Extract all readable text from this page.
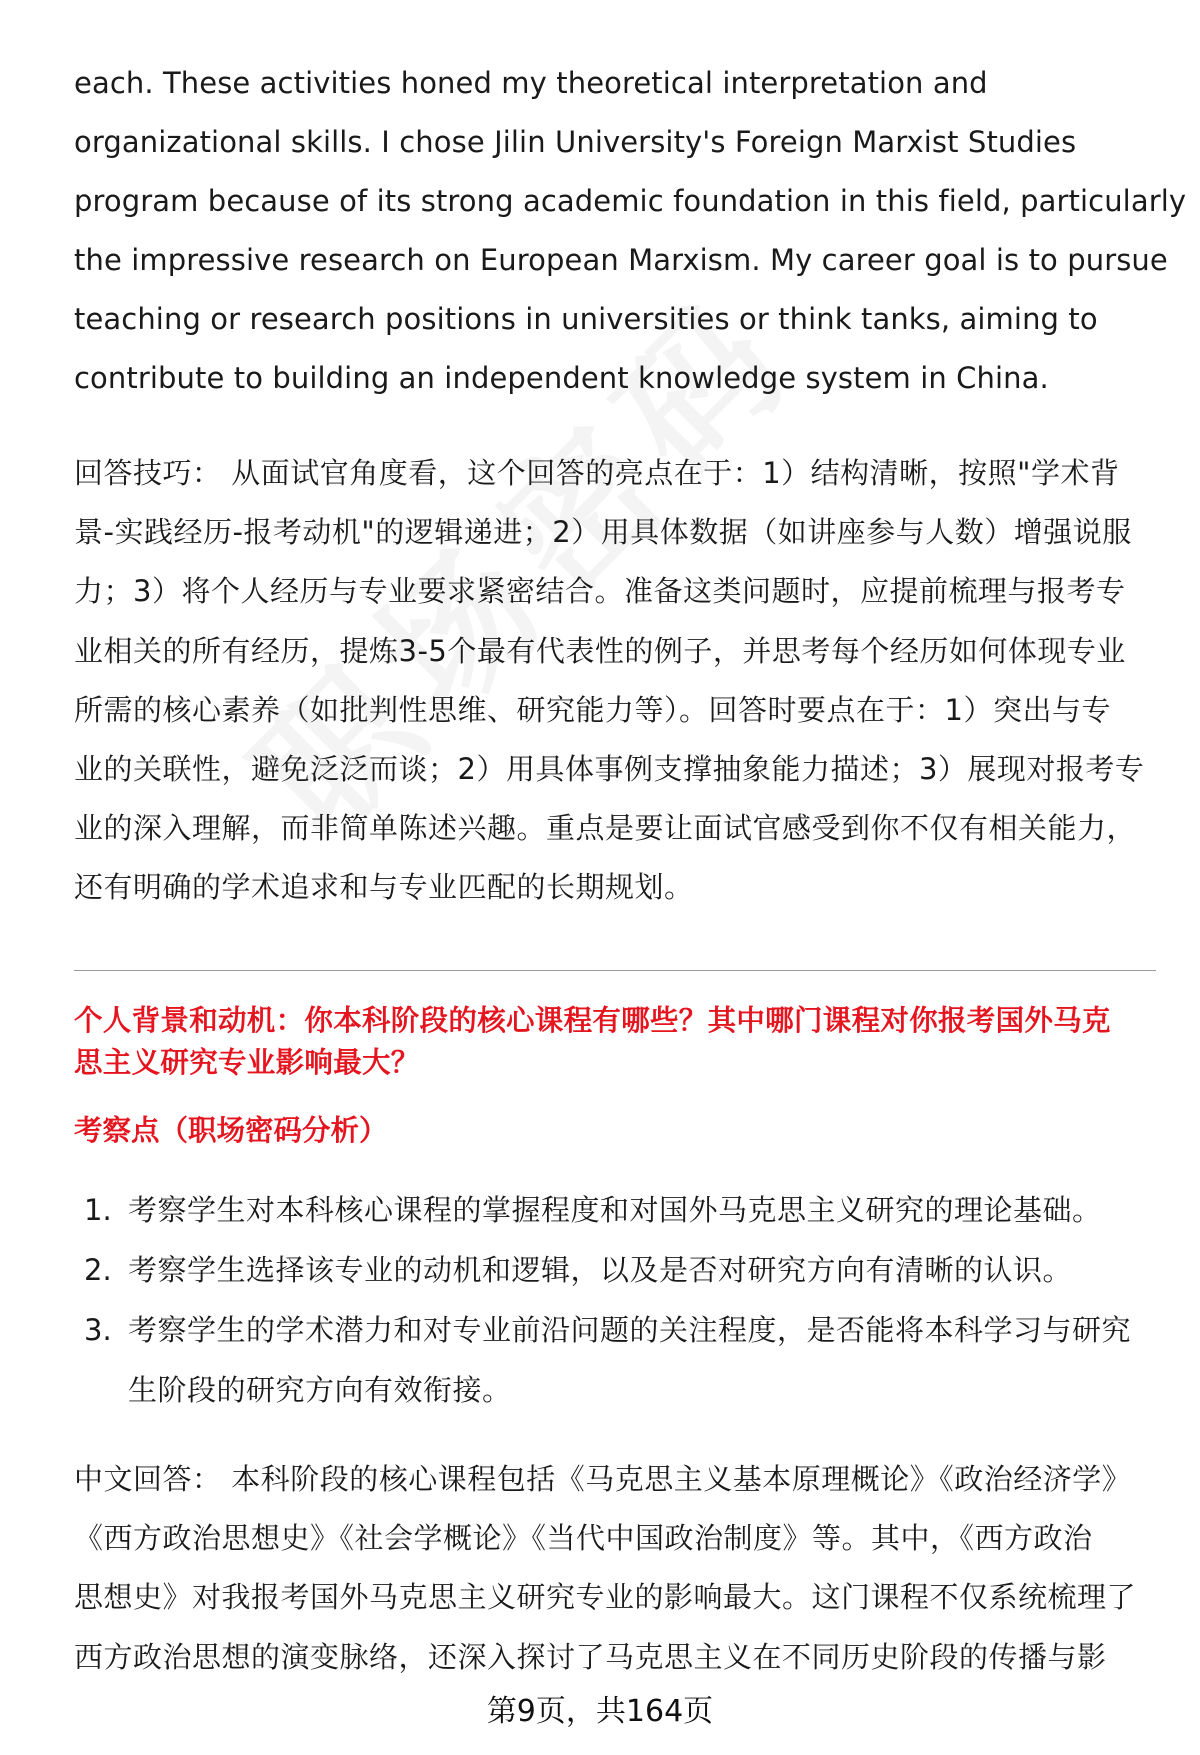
each. These activities honed my theoretical interpretation and
organizational skills. I chose Jilin University's Foreign Marxist Studies
program because of its strong academic foundation in this field, particularly
the impressive research on European Marxism. My career goal is to pursue
teaching or research positions in universities or think tanks, aiming to
contribute to building an independent knowledge system in China.

回答技巧： 从面试官角度看，这个回答的亮点在于：1）结构清晰，按照"学术背
景-实践经历-报考动机"的逻辑递进；2）用具体数据（如讲座参与人数）增强说服
力；3）将个人经历与专业要求紧密结合。准备这类问题时，应提前梳理与报考专
业相关的所有经历，提炼3-5个最有代表性的例子，并思考每个经历如何体现专业
所需的核心素养（如批判性思维、研究能力等）。回答时要点在于：1）突出与专
业的关联性，避免泛泛而谈；2）用具体事例支撑抽象能力描述；3）展现对报考专
业的深入理解，而非简单陈述兴趣。重点是要让面试官感受到你不仅有相关能力，
还有明确的学术追求和与专业匹配的长期规划。

个人背景和动机：你本科阶段的核心课程有哪些？其中哪门课程对你报考国外马克
思主义研究专业影响最大？
考察点（职场密码分析）
1. 考察学生对本科核心课程的掌握程度和对国外马克思主义研究的理论基础。
2. 考察学生选择该专业的动机和逻辑，以及是否对研究方向有清晰的认识。
3. 考察学生的学术潜力和对专业前沿问题的关注程度，是否能将本科学习与研究
生阶段的研究方向有效衔接。

中文回答： 本科阶段的核心课程包括《马克思主义基本原理概论》《政治经济学》
《西方政治思想史》《社会学概论》《当代中国政治制度》等。其中，《西方政治
思想史》对我报考国外马克思主义研究专业的影响最大。这门课程不仅系统梳理了
西方政治思想的演变脉络，还深入探讨了马克思主义在不同历史阶段的传播与影

第9页，共164页
